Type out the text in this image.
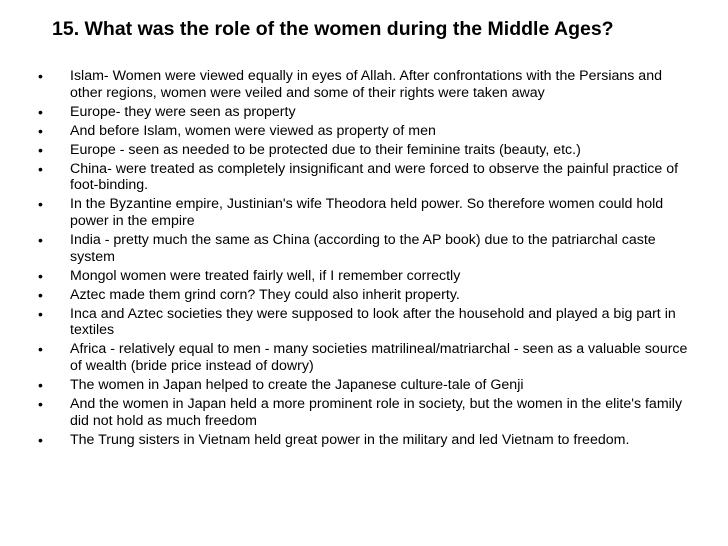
15. What was the role of the women during the Middle Ages?
•	Islam- Women were viewed equally in eyes of Allah. After confrontations with the Persians and other regions, women were veiled and some of their rights were taken away
•	Europe- they were seen as property
•	And before Islam, women were viewed as property of men
•	Europe - seen as needed to be protected due to their feminine traits (beauty, etc.)
•	China- were treated as completely insignificant and were forced to observe the painful practice of foot-binding.
•	In the Byzantine empire, Justinian's wife Theodora held power. So therefore women could hold power in the empire
•	India - pretty much the same as China (according to the AP book) due to the patriarchal caste system
•	Mongol women were treated fairly well, if I remember correctly
•	Aztec made them grind corn? They could also inherit property.
•	Inca and Aztec societies they were supposed to look after the household and played a big part in textiles
•	Africa - relatively equal to men - many societies matrilineal/matriarchal - seen as a valuable source of wealth (bride price instead of dowry)
•	The women in Japan helped to create the Japanese culture-tale of Genji
•	And the women in Japan held a more prominent role in society, but the women in the elite's family did not hold as much freedom
•	The Trung sisters in Vietnam held great power in the military and led Vietnam to freedom.
